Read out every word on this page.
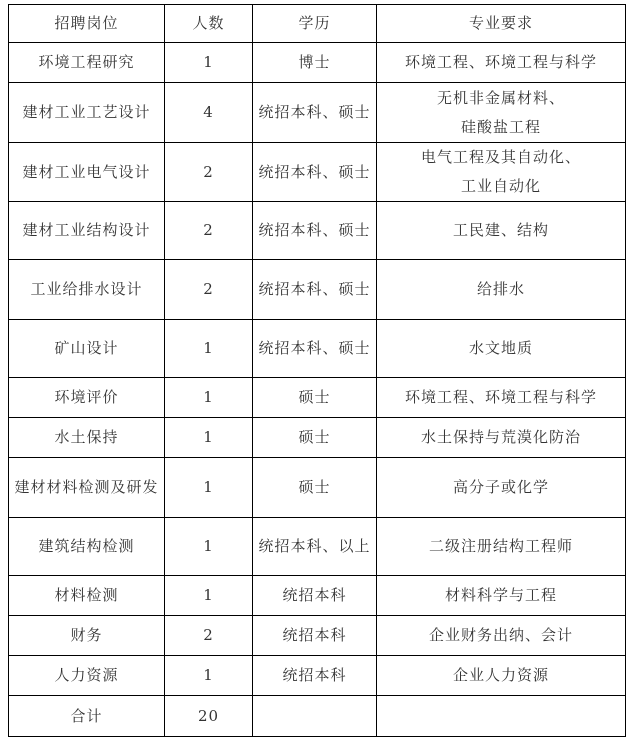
招聘岗位	人数	学历	专业要求
环境工程研究	1	博士	环境工程、环境工程与科学
建材工业工艺设计	4	统招本科、硕士	无机非金属材料、
硅酸盐工程
建材工业电气设计	2	统招本科、硕士	电气工程及其自动化、
工业自动化
建材工业结构设计	2	统招本科、硕士	工民建、结构
工业给排水设计	2	统招本科、硕士	给排水
矿山设计	1	统招本科、硕士	水文地质
环境评价	1	硕士	环境工程、环境工程与科学
水土保持	1	硕士	水土保持与荒漠化防治
建材材料检测及研发	1	硕士	高分子或化学
建筑结构检测	1	统招本科、以上	二级注册结构工程师
材料检测	1	统招本科	材料科学与工程
财务	2	统招本科	企业财务出纳、会计
人力资源	1	统招本科	企业人力资源
合计	20		
